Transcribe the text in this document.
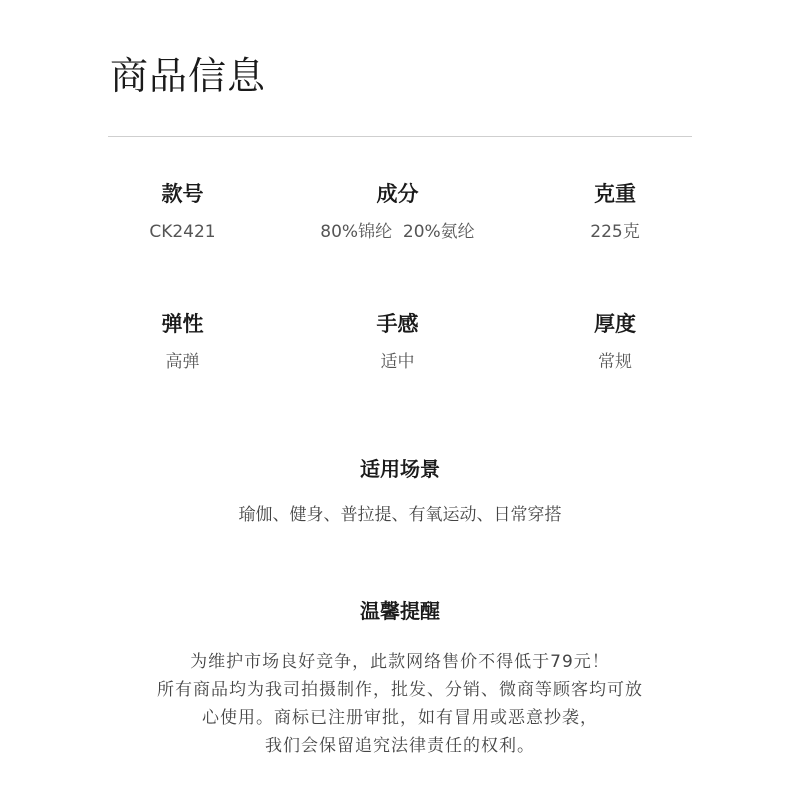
商品信息
款号
CK2421
成分
80%锦纶  20%氨纶
克重
225克
弹性
高弹
手感
适中
厚度
常规
适用场景
瑜伽、健身、普拉提、有氧运动、日常穿搭
温馨提醒
为维护市场良好竞争，此款网络售价不得低于79元！
所有商品均为我司拍摄制作，批发、分销、微商等顾客均可放
心使用。商标已注册审批，如有冒用或恶意抄袭，
我们会保留追究法律责任的权利。
